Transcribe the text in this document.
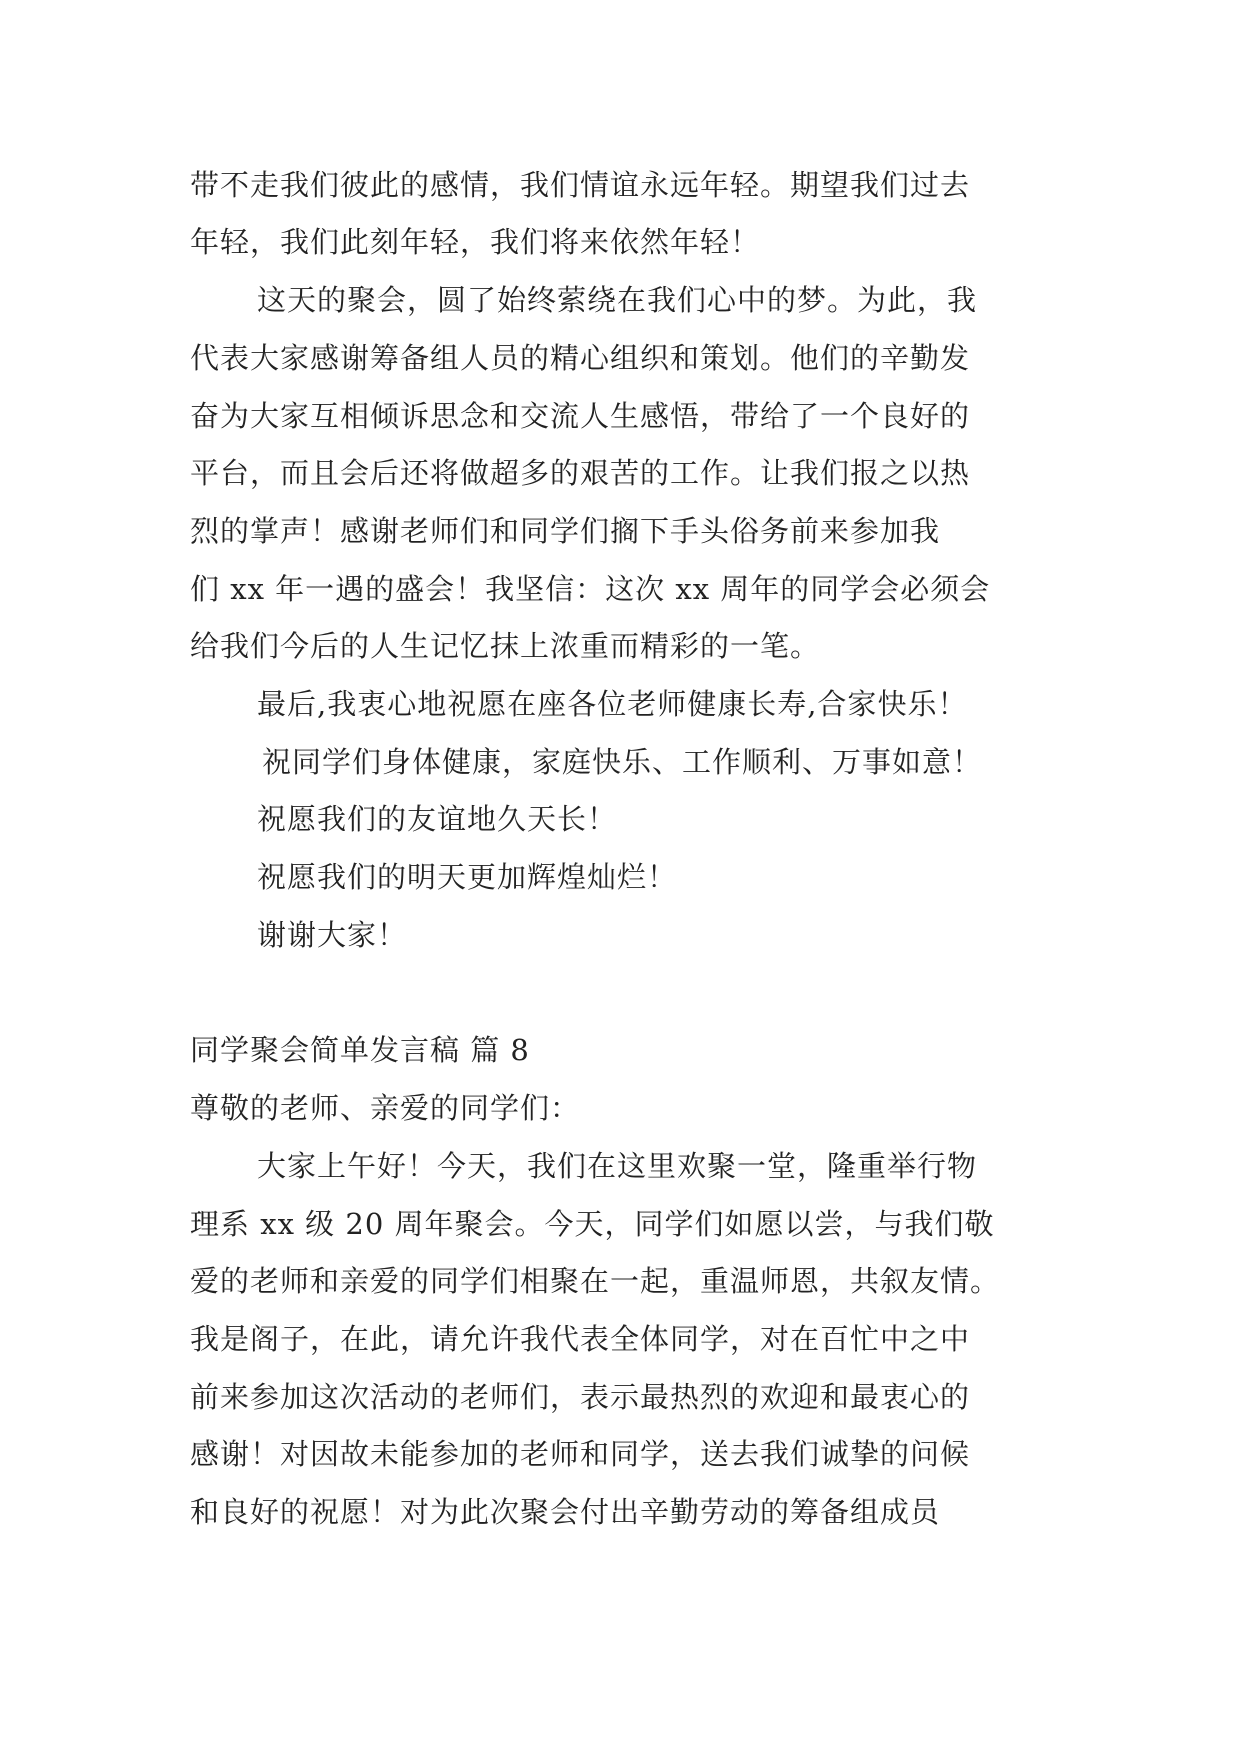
带不走我们彼此的感情，我们情谊永远年轻。期望我们过去
年轻，我们此刻年轻，我们将来依然年轻！
这天的聚会，圆了始终萦绕在我们心中的梦。为此，我
代表大家感谢筹备组人员的精心组织和策划。他们的辛勤发
奋为大家互相倾诉思念和交流人生感悟，带给了一个良好的
平台，而且会后还将做超多的艰苦的工作。让我们报之以热
烈的掌声！感谢老师们和同学们搁下手头俗务前来参加我
们 xx 年一遇的盛会！我坚信：这次 xx 周年的同学会必须会
给我们今后的人生记忆抹上浓重而精彩的一笔。
最后,我衷心地祝愿在座各位老师健康长寿,合家快乐！
祝同学们身体健康，家庭快乐、工作顺利、万事如意！
祝愿我们的友谊地久天长！
祝愿我们的明天更加辉煌灿烂！
谢谢大家！
同学聚会简单发言稿 篇 8
尊敬的老师、亲爱的同学们：
大家上午好！今天，我们在这里欢聚一堂，隆重举行物
理系 xx 级 20 周年聚会。今天，同学们如愿以尝，与我们敬
爱的老师和亲爱的同学们相聚在一起，重温师恩，共叙友情。
我是阁子，在此，请允许我代表全体同学，对在百忙中之中
前来参加这次活动的老师们，表示最热烈的欢迎和最衷心的
感谢！对因故未能参加的老师和同学，送去我们诚挚的问候
和良好的祝愿！对为此次聚会付出辛勤劳动的筹备组成员
